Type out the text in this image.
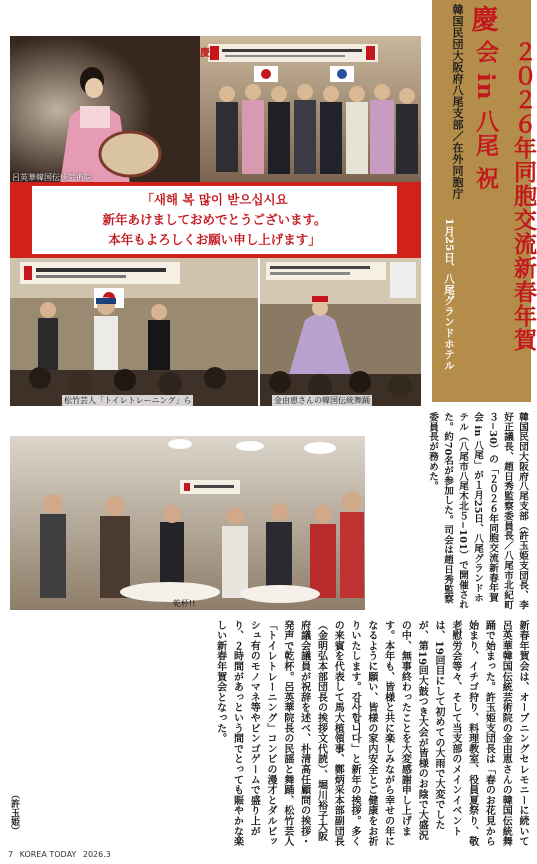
慶
呂英華韓国伝統芸術院
「새해 복 많이 받으십시요
新年あけましておめでとうございます。
本年もよろしくお願い申し上げます」
松竹芸人「トイレトレーニング」ら	金由恵さんの韓国伝統舞踊
韓国民団大阪府八尾支部／在外同胞庁 慶
２０２６年同胞交流新春年賀会 in 八尾 祝
1月25日、八尾グランドホテル
乾杯!!	韓国民団大阪府八尾支部（許玉姫支団長、李好正議長、趙日秀監察委員長／八尾市北紀町３−30）の「２０２６年同胞交流新春年賀会 in 八尾」が１月25日、八尾グランドホテル（八尾市八尾木北５−101）で開催された。約70名が参加した。司会は趙日秀監察委員長が務めた。
新春年賀会は、オープニングセレモニーに続いて呂英華韓国伝統芸術院の金由恵さんの韓国伝統舞踊で始まった。許玉姫支団長は「春のお花見から始まり、イチゴ狩り、料理教室、役員夏祭り、敬老慰労会等々、そして当支部のメインイベントは、19回目にして初めての大雨で大変でしたが、第19回大鼓つき大会が皆様のお陰で大盛況の中、無事終わったことを大変感謝申し上げます。本年も、皆様と共に楽しみながら幸せの年になるように願い、皆様の家内安全とご健康をお祈りいたします。감사합니다」と新年の挨拶。多くの来賓を代表して馬大植領事、鄭炳采本部副団長（金明弘本部団長の挨拶文代読）、堀川裕子大阪府議会議員が祝辞を述べ、朴清高任顧問の挨拶・発声で乾杯。呂英華院長の民謡と舞踊、松竹芸人「トイレトレーニング」コンビの漫才とダルビッシュ有のモノマネ等やビンゴゲームで盛り上がり、２時間があっという間でとっても賑やかな楽しい新春年賀会となった。
（許玉姫）
7 KOREA TODAY 2026.3
